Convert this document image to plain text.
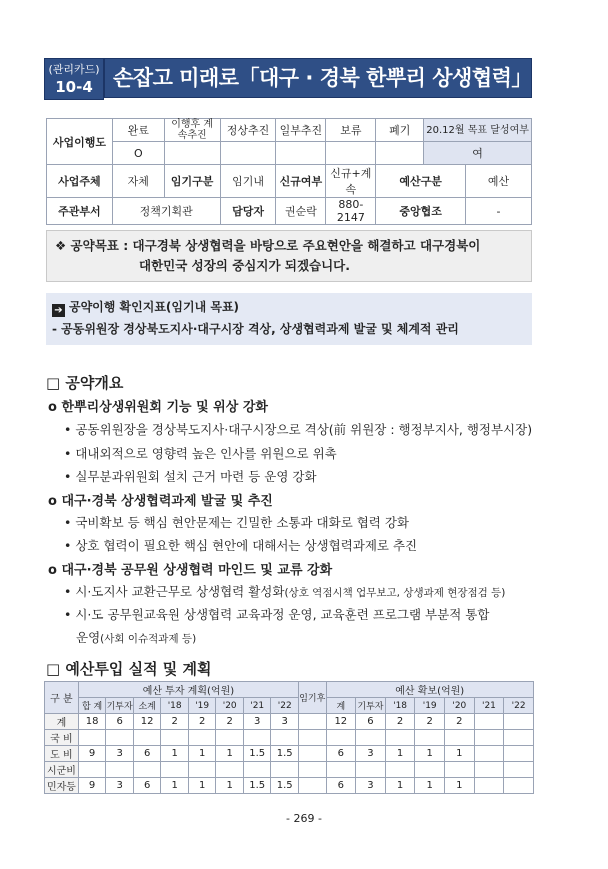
(관리카드)
10-4 손잡고 미래로「대구 · 경북 한뿌리 상생협력」
사업이행도	완료	이행후 계속추진	정상추진	일부추진	보류	폐기	20.12월 목표 달성여부	
	O						여	
사업주체	자체	임기구분	임기내	신규여부	신규+계속	예산구분		예산
주관부서	정책기획관		담당자	권순락	880-2147	중앙협조		-
❖ 공약목표 : 대구경북 상생협력을 바탕으로 주요현안을 해결하고 대구경북이
대한민국 성장의 중심지가 되겠습니다.
➔ 공약이행 확인지표(임기내 목표)
- 공동위원장 경상북도지사·대구시장 격상, 상생협력과제 발굴 및 체계적 관리
□ 공약개요
o 한뿌리상생위원회 기능 및 위상 강화
• 공동위원장을 경상북도지사·대구시장으로 격상(前 위원장 : 행정부지사, 행정부시장)
• 대내외적으로 영향력 높은 인사를 위원으로 위촉
• 실무분과위원회 설치 근거 마련 등 운영 강화
o 대구·경북 상생협력과제 발굴 및 추진
• 국비확보 등 핵심 현안문제는 긴밀한 소통과 대화로 협력 강화
• 상호 협력이 필요한 핵심 현안에 대해서는 상생협력과제로 추진
o 대구·경북 공무원 상생협력 마인드 및 교류 강화
• 시·도지사 교환근무로 상생협력 활성화(상호 역점시책 업무보고, 상생과제 현장점검 등)
• 시·도 공무원교육원 상생협력 교육과정 운영, 교육훈련 프로그램 부분적 통합
운영(사회 이슈적과제 등)
□ 예산투입 실적 및 계획
구 분	예산 투자 계획(억원)								임기후	예산 확보(억원)						
	합 계	기투자	소계	'18	'19	'20	'21	'22		계	기투자	'18	'19	'20	'21	'22
계	18	6	12	2	2	2	3	3		12	6	2	2	2		
국 비																
도 비	9	3	6	1	1	1	1.5	1.5		6	3	1	1	1		
시군비																
민자등	9	3	6	1	1	1	1.5	1.5		6	3	1	1	1		
- 269 -
